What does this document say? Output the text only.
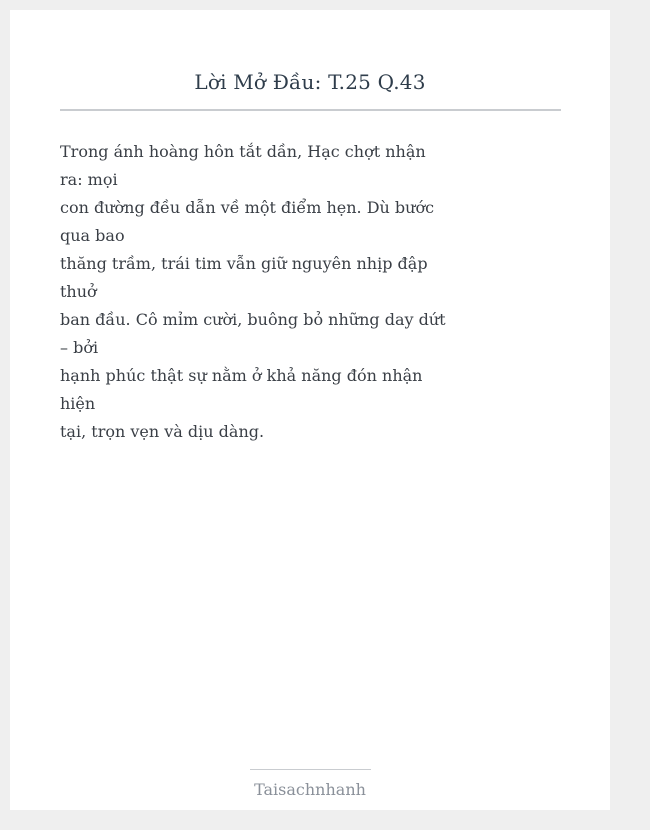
Lời Mở Đầu: T.25 Q.43
Trong ánh hoàng hôn tắt dần, Hạc chợt nhận
ra: mọi
con đường đều dẫn về một điểm hẹn. Dù bước
qua bao
thăng trầm, trái tim vẫn giữ nguyên nhịp đập
thuở
ban đầu. Cô mỉm cười, buông bỏ những day dứt
– bởi
hạnh phúc thật sự nằm ở khả năng đón nhận
hiện
tại, trọn vẹn và dịu dàng.

Taisachnhanh
